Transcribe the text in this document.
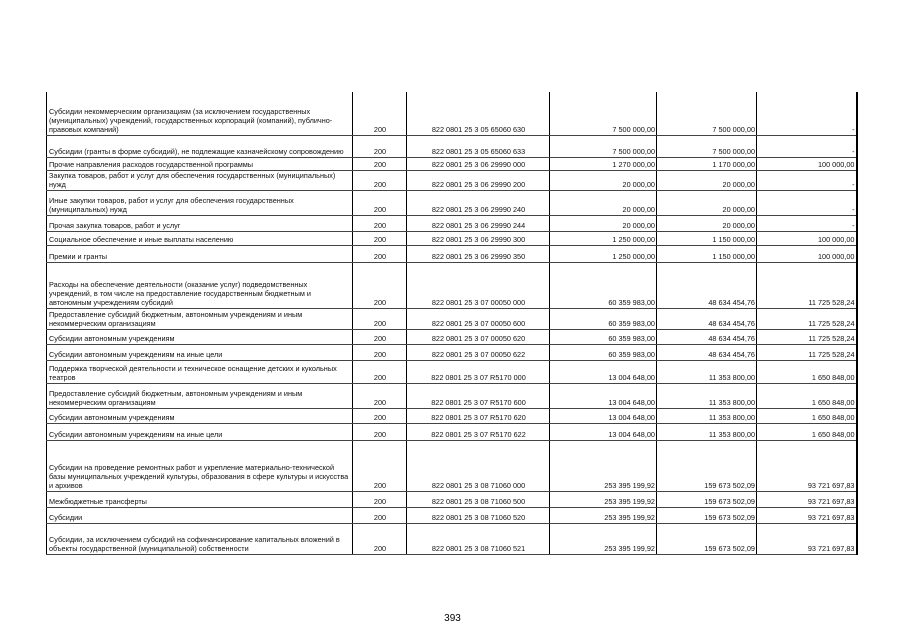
Субсидии некоммерческим организациям (за исключением государственных (муниципальных) учреждений, государственных корпораций (компаний), публично-правовых компаний)	200	822 0801 25 3 05 65060 630	7 500 000,00	7 500 000,00	-
Субсидии (гранты в форме субсидий), не подлежащие казначейскому сопровождению	200	822 0801 25 3 05 65060 633	7 500 000,00	7 500 000,00	-
Прочие направления расходов государственной программы	200	822 0801 25 3 06 29990 000	1 270 000,00	1 170 000,00	100 000,00
Закупка товаров, работ и услуг для обеспечения государственных (муниципальных) нужд	200	822 0801 25 3 06 29990 200	20 000,00	20 000,00	-
Иные закупки товаров, работ и услуг для обеспечения государственных (муниципальных) нужд	200	822 0801 25 3 06 29990 240	20 000,00	20 000,00	-
Прочая закупка товаров, работ и услуг	200	822 0801 25 3 06 29990 244	20 000,00	20 000,00	-
Социальное обеспечение и иные выплаты населению	200	822 0801 25 3 06 29990 300	1 250 000,00	1 150 000,00	100 000,00
Премии и гранты	200	822 0801 25 3 06 29990 350	1 250 000,00	1 150 000,00	100 000,00
Расходы на обеспечение деятельности (оказание услуг) подведомственных учреждений, в том числе на предоставление государственным бюджетным и автономным учреждениям субсидий	200	822 0801 25 3 07 00050 000	60 359 983,00	48 634 454,76	11 725 528,24
Предоставление субсидий бюджетным, автономным учреждениям и иным некоммерческим организациям	200	822 0801 25 3 07 00050 600	60 359 983,00	48 634 454,76	11 725 528,24
Субсидии автономным учреждениям	200	822 0801 25 3 07 00050 620	60 359 983,00	48 634 454,76	11 725 528,24
Субсидии автономным учреждениям на иные цели	200	822 0801 25 3 07 00050 622	60 359 983,00	48 634 454,76	11 725 528,24
Поддержка творческой деятельности и техническое оснащение детских и кукольных театров	200	822 0801 25 3 07 R5170 000	13 004 648,00	11 353 800,00	1 650 848,00
Предоставление субсидий бюджетным, автономным учреждениям и иным некоммерческим организациям	200	822 0801 25 3 07 R5170 600	13 004 648,00	11 353 800,00	1 650 848,00
Субсидии автономным учреждениям	200	822 0801 25 3 07 R5170 620	13 004 648,00	11 353 800,00	1 650 848,00
Субсидии автономным учреждениям на иные цели	200	822 0801 25 3 07 R5170 622	13 004 648,00	11 353 800,00	1 650 848,00
Субсидии на проведение ремонтных работ и укрепление материально-технической базы муниципальных учреждений культуры, образования в сфере культуры и искусства и архивов	200	822 0801 25 3 08 71060 000	253 395 199,92	159 673 502,09	93 721 697,83
Межбюджетные трансферты	200	822 0801 25 3 08 71060 500	253 395 199,92	159 673 502,09	93 721 697,83
Субсидии	200	822 0801 25 3 08 71060 520	253 395 199,92	159 673 502,09	93 721 697,83
Субсидии, за исключением субсидий на софинансирование капитальных вложений в объекты государственной (муниципальной) собственности	200	822 0801 25 3 08 71060 521	253 395 199,92	159 673 502,09	93 721 697,83
393
